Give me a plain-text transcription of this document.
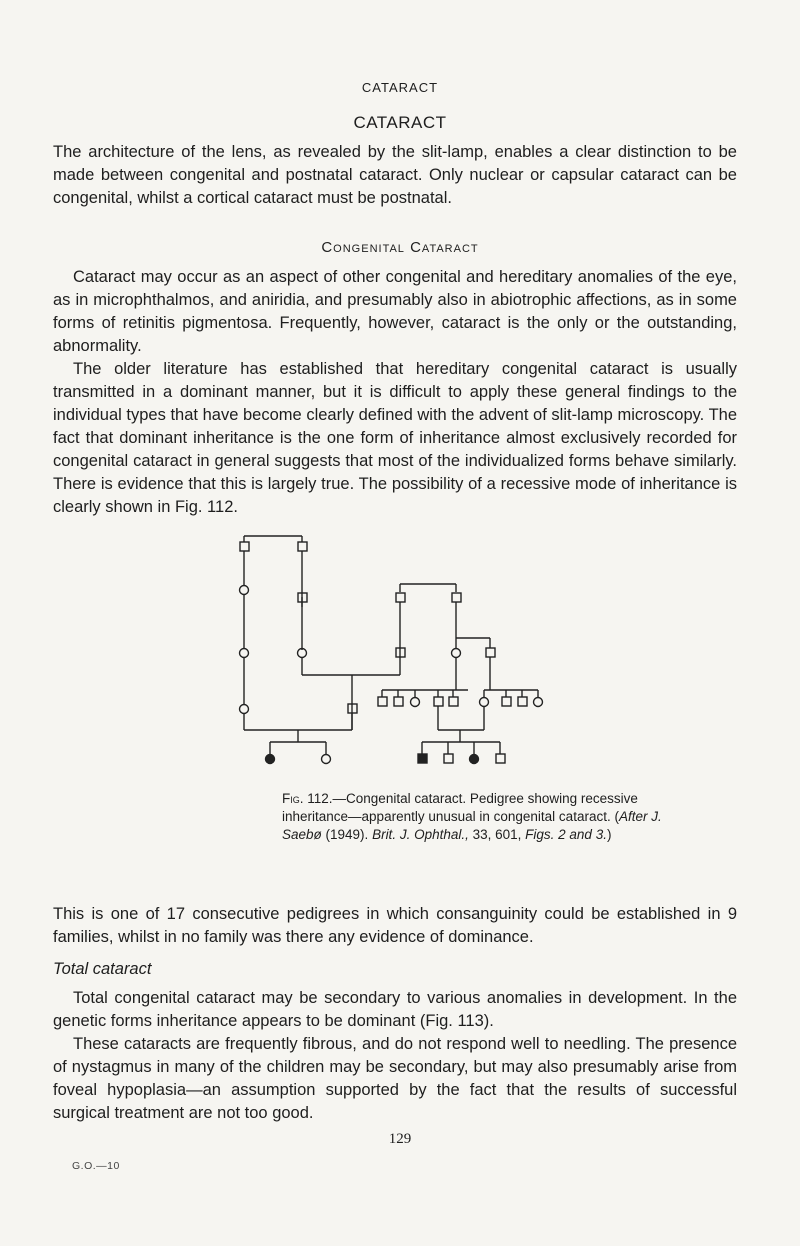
CATARACT
CATARACT

The architecture of the lens, as revealed by the slit-lamp, enables a clear distinction to be made between congenital and postnatal cataract. Only nuclear or capsular cataract can be congenital, whilst a cortical cataract must be postnatal.

Congenital Cataract

Cataract may occur as an aspect of other congenital and hereditary anomalies of the eye, as in microphthalmos, and aniridia, and presumably also in abiotrophic affections, as in some forms of retinitis pigmentosa. Frequently, however, cataract is the only or the outstanding, abnormality.

The older literature has established that hereditary congenital cataract is usually transmitted in a dominant manner, but it is difficult to apply these general findings to the individual types that have become clearly defined with the advent of slit-lamp microscopy. The fact that dominant inheritance is the one form of inheritance almost exclusively recorded for congenital cataract in general suggests that most of the individualized forms behave similarly. There is evidence that this is largely true. The possibility of a recessive mode of inheritance is clearly shown in Fig. 112.

Fig. 112.—Congenital cataract. Pedigree showing recessive inheritance—apparently unusual in congenital cataract. (After J. Saebø (1949). Brit. J. Ophthal., 33, 601, Figs. 2 and 3.)

This is one of 17 consecutive pedigrees in which consanguinity could be established in 9 families, whilst in no family was there any evidence of dominance.

Total cataract

Total congenital cataract may be secondary to various anomalies in development. In the genetic forms inheritance appears to be dominant (Fig. 113).

These cataracts are frequently fibrous, and do not respond well to needling. The presence of nystagmus in many of the children may be secondary, but may also presumably arise from foveal hypoplasia—an assumption supported by the fact that the results of successful surgical treatment are not too good.

129
G.O.—10
